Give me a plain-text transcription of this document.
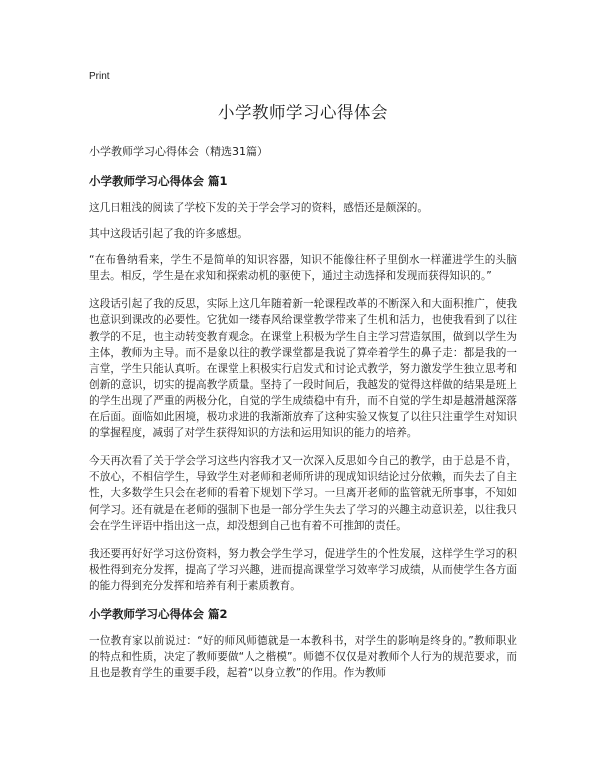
Print
小学教师学习心得体会

小学教师学习心得体会（精选31篇）

小学教师学习心得体会 篇1

这几日粗浅的阅读了学校下发的关于学会学习的资料，感悟还是颇深的。

其中这段话引起了我的许多感想。

“在布鲁纳看来，学生不是简单的知识容器，知识不能像往杯子里倒水一样灌进学生的头脑里去。相反，学生是在求知和探索动机的驱使下，通过主动选择和发现而获得知识的。”

这段话引起了我的反思，实际上这几年随着新一轮课程改革的不断深入和大面积推广，使我也意识到课改的必要性。它犹如一缕春风给课堂教学带来了生机和活力，也使我看到了以往教学的不足，也主动转变教育观念。在课堂上积极为学生自主学习营造氛围，做到以学生为主体，教师为主导。而不是象以往的教学课堂都是我说了算牵着学生的鼻子走：都是我的一言堂，学生只能认真听。在课堂上积极实行启发式和讨论式教学，努力激发学生独立思考和创新的意识，切实的提高教学质量。坚持了一段时间后，我越发的觉得这样做的结果是班上的学生出现了严重的两极分化，自觉的学生成绩稳中有升，而不自觉的学生却是越滑越深落在后面。面临如此困境，极功求进的我渐渐放弃了这种实验又恢复了以往只注重学生对知识的掌握程度，减弱了对学生获得知识的方法和运用知识的能力的培养。

今天再次看了关于学会学习这些内容我才又一次深入反思如今自己的教学，由于总是不肯，不放心，不相信学生，导致学生对老师和老师所讲的现成知识结论过分依赖，而失去了自主性，大多数学生只会在老师的看着下规划下学习。一旦离开老师的监管就无所事事，不知如何学习。还有就是在老师的强制下也是一部分学生失去了学习的兴趣主动意识差，以往我只会在学生评语中指出这一点，却没想到自己也有着不可推卸的责任。

我还要再好好学习这份资料，努力教会学生学习，促进学生的个性发展，这样学生学习的积极性得到充分发挥，提高了学习兴趣，进而提高课堂学习效率学习成绩，从而使学生各方面的能力得到充分发挥和培养有利于素质教育。

小学教师学习心得体会 篇2

一位教育家以前说过：“好的师风师德就是一本教科书，对学生的影响是终身的。”教师职业的特点和性质，决定了教师要做“人之楷模”。师德不仅仅是对教师个人行为的规范要求，而且也是教育学生的重要手段，起着“以身立教”的作用。作为教师
